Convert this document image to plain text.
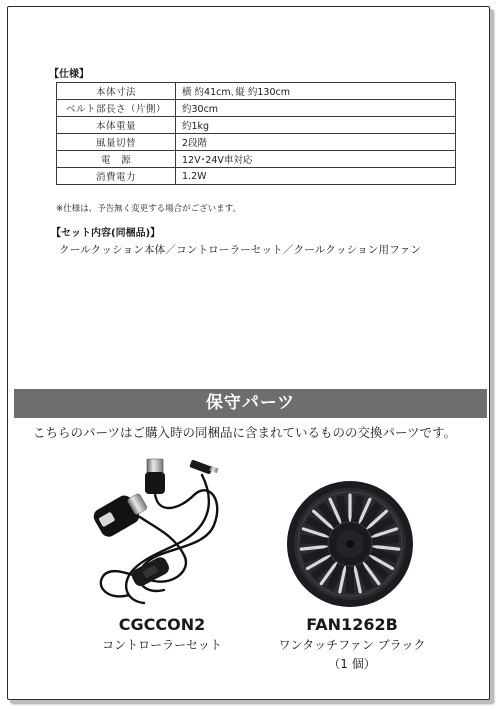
【仕様】
本体寸法	横 約41cm､縦 約130cm
ベルト部長さ（片側）	約30cm
本体重量	約1kg
風量切替	2段階
電　源	12V･24V車対応
消費電力	1.2W
※仕様は、予告無く変更する場合がございます。
【セット内容(同梱品)】
クールクッション本体／コントローラーセット／クールクッション用ファン
保守パーツ
こちらのパーツはご購入時の同梱品に含まれているものの交換パーツです。
CGCCON2
コントローラーセット
FAN1262B
ワンタッチファン ブラック
（1 個）
